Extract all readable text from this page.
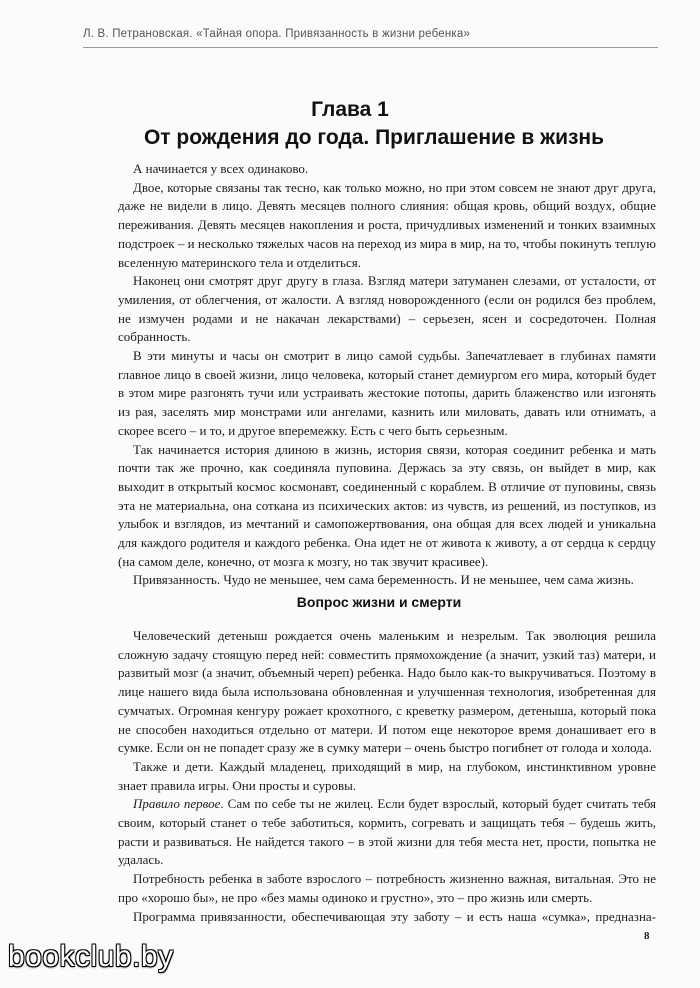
Л. В. Петрановская. «Тайная опора. Привязанность в жизни ребенка»
Глава 1
От рождения до года. Приглашение в жизнь

А начинается у всех одинаково.

Двое, которые связаны так тесно, как только можно, но при этом совсем не знают друг друга, даже не видели в лицо. Девять месяцев полного слияния: общая кровь, общий воздух, общие переживания. Девять месяцев накопления и роста, причудливых изменений и тонких взаимных подстроек – и несколько тяжелых часов на переход из мира в мир, на то, чтобы покинуть теплую вселенную материнского тела и отделиться.

Наконец они смотрят друг другу в глаза. Взгляд матери затуманен слезами, от усталости, от умиления, от облегчения, от жалости. А взгляд новорожденного (если он родился без проблем, не измучен родами и не накачан лекарствами) – серьезен, ясен и сосредоточен. Полная собранность.

В эти минуты и часы он смотрит в лицо самой судьбы. Запечатлевает в глубинах памяти главное лицо в своей жизни, лицо человека, который станет демиургом его мира, который будет в этом мире разгонять тучи или устраивать жестокие потопы, дарить блаженство или изгонять из рая, заселять мир монстрами или ангелами, казнить или миловать, давать или отнимать, а скорее всего – и то, и другое вперемежку. Есть с чего быть серьезным.

Так начинается история длиною в жизнь, история связи, которая соединит ребенка и мать почти так же прочно, как соединяла пуповина. Держась за эту связь, он выйдет в мир, как выходит в открытый космос космонавт, соединенный с кораблем. В отличие от пуповины, связь эта не материальна, она соткана из психических актов: из чувств, из решений, из поступков, из улыбок и взглядов, из мечтаний и самопожертвования, она общая для всех людей и уникальна для каждого родителя и каждого ребенка. Она идет не от живота к животу, а от сердца к сердцу (на самом деле, конечно, от мозга к мозгу, но так звучит красивее).

Привязанность. Чудо не меньшее, чем сама беременность. И не меньшее, чем сама жизнь.

Вопрос жизни и смерти

Человеческий детеныш рождается очень маленьким и незрелым. Так эволюция решила сложную задачу стоящую перед ней: совместить прямохождение (а значит, узкий таз) матери, и развитый мозг (а значит, объемный череп) ребенка. Надо было как-то выкручиваться. Поэтому в лице нашего вида была использована обновленная и улучшенная технология, изобретенная для сумчатых. Огромная кенгуру рожает крохотного, с креветку размером, детеныша, который пока не способен находиться отдельно от матери. И потом еще некоторое время донашивает его в сумке. Если он не попадет сразу же в сумку матери – очень быстро погибнет от голода и холода.

Также и дети. Каждый младенец, приходящий в мир, на глубоком, инстинктивном уровне знает правила игры. Они просты и суровы.

Правило первое. Сам по себе ты не жилец. Если будет взрослый, который будет считать тебя своим, который станет о тебе заботиться, кормить, согревать и защищать тебя – будешь жить, расти и развиваться. Не найдется такого – в этой жизни для тебя места нет, прости, попытка не удалась.

Потребность ребенка в заботе взрослого – потребность жизненно важная, витальная. Это не про «хорошо бы», не про «без мамы одиноко и грустно», это – про жизнь или смерть.

Программа привязанности, обеспечивающая эту заботу – и есть наша «сумка», предназна-

8
bookclub.by
